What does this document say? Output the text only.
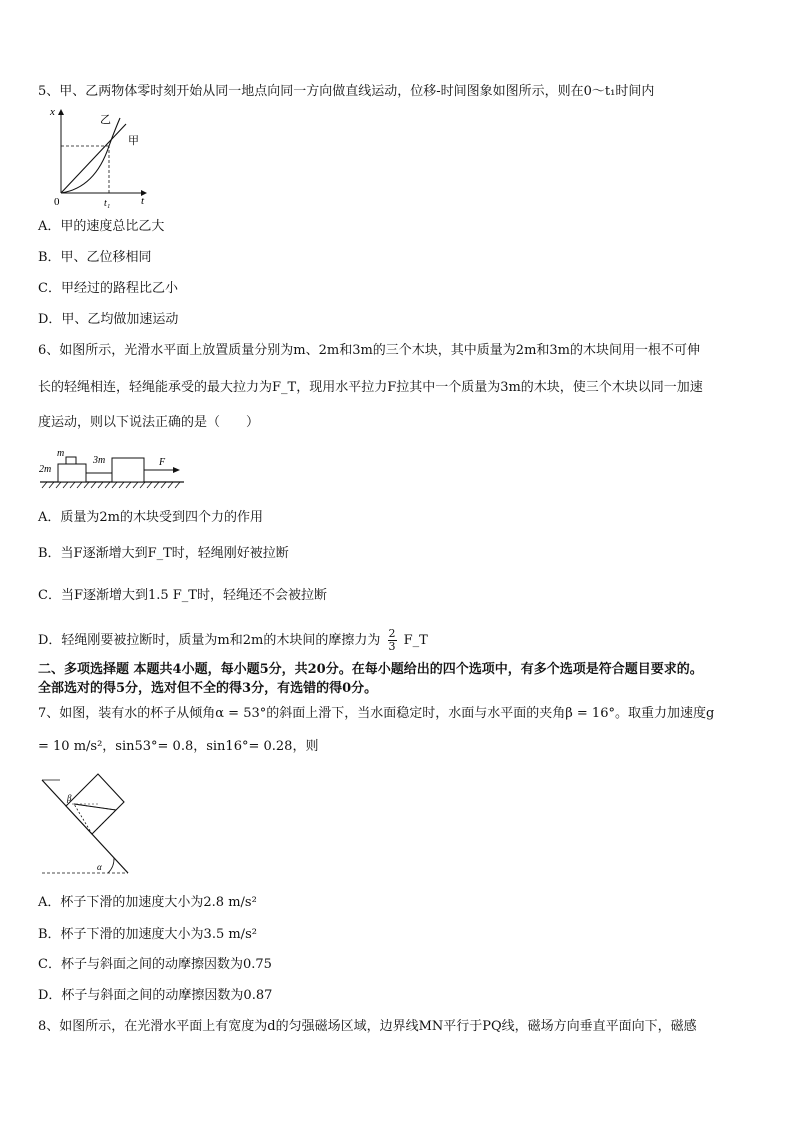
5、甲、乙两物体零时刻开始从同一地点向同一方向做直线运动，位移-时间图象如图所示，则在0～t₁时间内
x
t
0	t₁
甲
乙
A．甲的速度总比乙大
B．甲、乙位移相同
C．甲经过的路程比乙小
D．甲、乙均做加速运动
6、如图所示，光滑水平面上放置质量分别为m、2m和3m的三个木块，其中质量为2m和3m的木块间用一根不可伸
长的轻绳相连，轻绳能承受的最大拉力为F_T，现用水平拉力F拉其中一个质量为3m的木块，使三个木块以同一加速
度运动，则以下说法正确的是（　　）
m
2m
3m	F
A．质量为2m的木块受到四个力的作用
B．当F逐渐增大到F_T时，轻绳刚好被拉断
C．当F逐渐增大到1.5 F_T时，轻绳还不会被拉断
D．轻绳刚要被拉断时，质量为m和2m的木块间的摩擦力为 $\frac{2}{3}$ F_T
二、多项选择题 本题共4小题，每小题5分，共20分。在每小题给出的四个选项中，有多个选项是符合题目要求的。
全部选对的得5分，选对但不全的得3分，有选错的得0分。
7、如图，装有水的杯子从倾角α = 53°的斜面上滑下，当水面稳定时，水面与水平面的夹角β = 16°。取重力加速度g
= 10 m/s²，sin53°= 0.8，sin16°= 0.28，则
β
α
A．杯子下滑的加速度大小为2.8 m/s²
B．杯子下滑的加速度大小为3.5 m/s²
C．杯子与斜面之间的动摩擦因数为0.75
D．杯子与斜面之间的动摩擦因数为0.87
8、如图所示，在光滑水平面上有宽度为d的匀强磁场区域，边界线MN平行于PQ线，磁场方向垂直平面向下，磁感
